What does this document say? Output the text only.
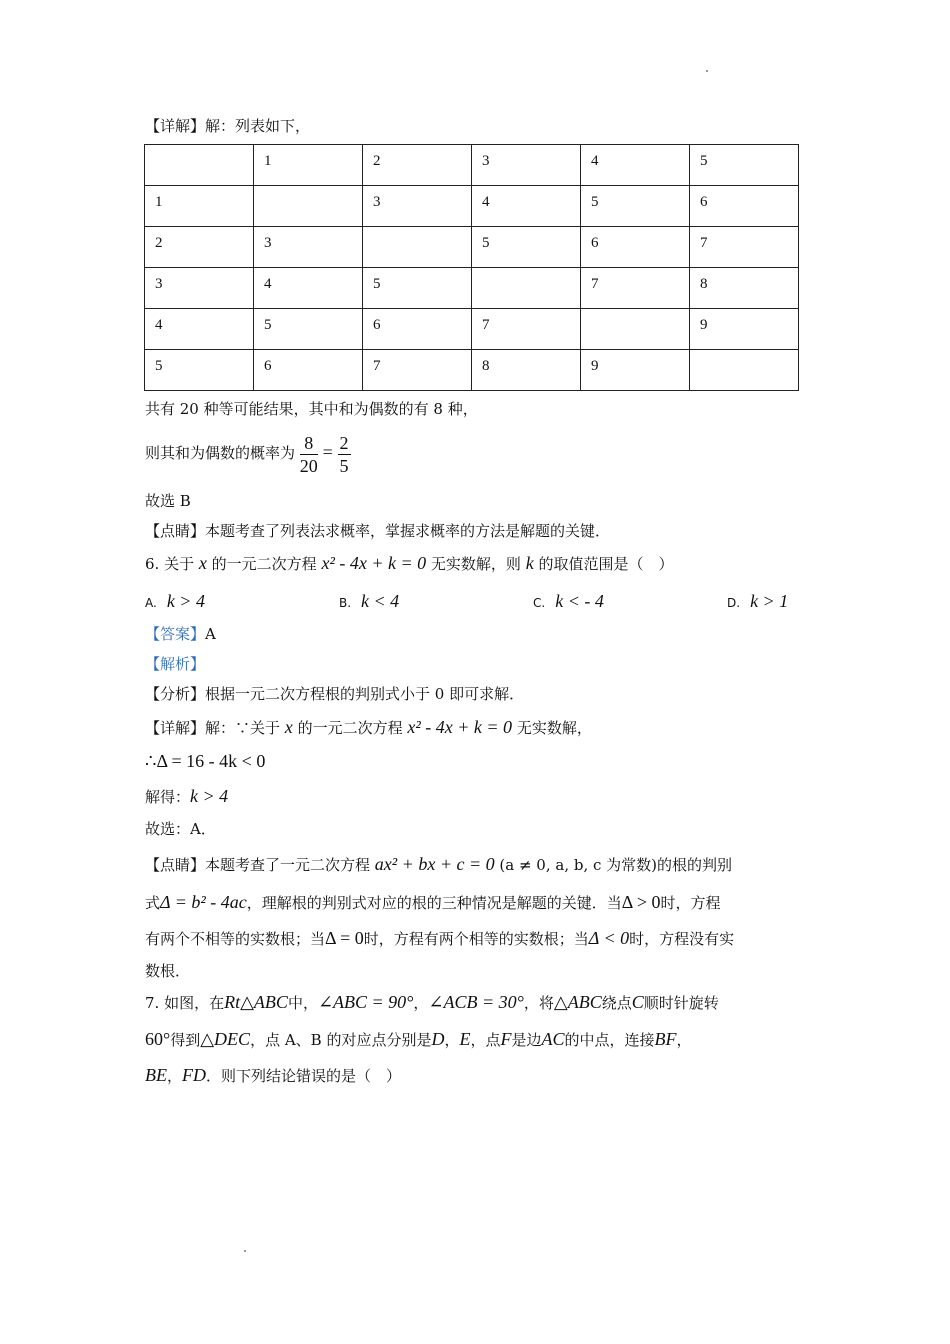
【详解】解：列表如下，
	1	2	3	4	5
1		3	4	5	6
2	3		5	6	7
3	4	5		7	8
4	5	6	7		9
5	6	7	8	9	
共有 20 种等可能结果，其中和为偶数的有 8 种，
则其和为偶数的概率为 $\frac{8}{20} = \frac{2}{5}$
故选 B
【点睛】本题考查了列表法求概率，掌握求概率的方法是解题的关键．
6. 关于 x 的一元二次方程 x² - 4x + k = 0 无实数解，则 k 的取值范围是（　）
A. k > 4	B. k < 4	C. k < - 4	D. k > 1
【答案】A
【解析】
【分析】根据一元二次方程根的判别式小于 0 即可求解．
【详解】解：∵关于 x 的一元二次方程 x² - 4x + k = 0 无实数解，
∴Δ = 16 - 4k < 0
解得：k > 4
故选：A．
【点睛】本题考查了一元二次方程 ax² + bx + c = 0 (a ≠ 0, a, b, c 为常数)的根的判别
式Δ = b² - 4ac，理解根的判别式对应的根的三种情况是解题的关键．当Δ > 0时，方程
有两个不相等的实数根；当Δ = 0时，方程有两个相等的实数根；当Δ < 0时，方程没有实
数根．
7. 如图，在Rt△ABC中，∠ABC = 90°，∠ACB = 30°，将△ABC绕点C顺时针旋转
60°得到△DEC，点 A、B 的对应点分别是D，E，点F是边AC的中点，连接BF，
BE，FD．则下列结论错误的是（　）
